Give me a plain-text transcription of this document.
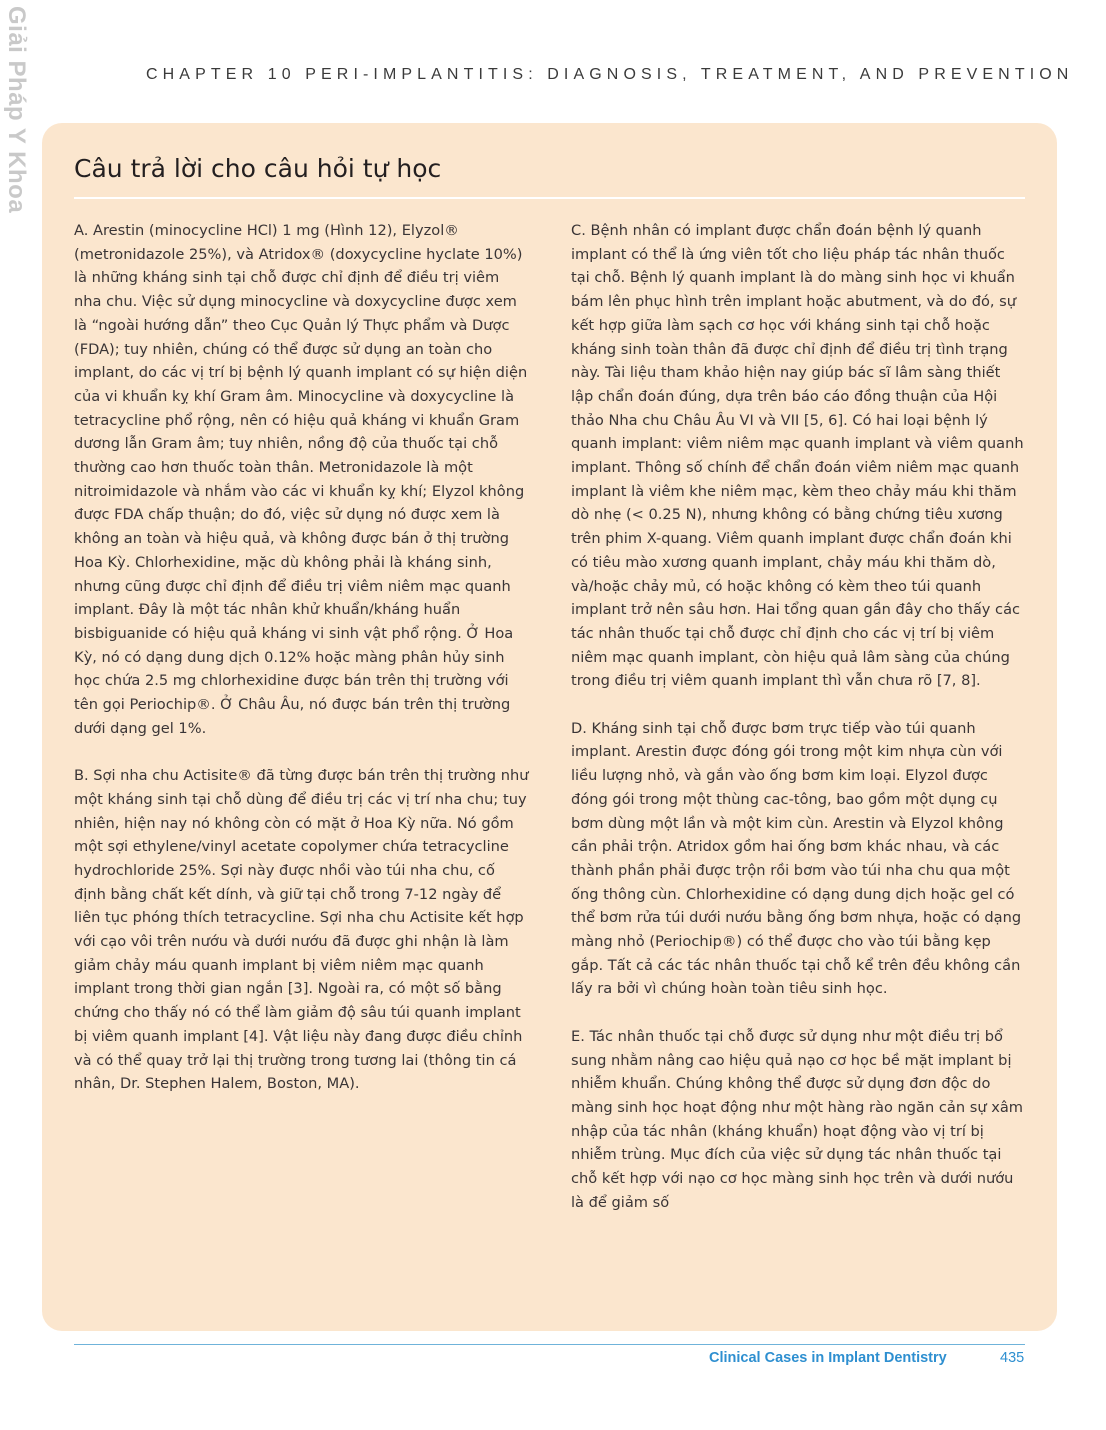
Giải Pháp Y Khoa	CHAPTER 10 PERI-IMPLANTITIS: DIAGNOSIS, TREATMENT, AND PREVENTION
Câu trả lời cho câu hỏi tự học

A. Arestin (minocycline HCl) 1 mg (Hình 12), Elyzol® (metronidazole 25%), và Atridox® (doxycycline hyclate 10%) là những kháng sinh tại chỗ được chỉ định để điều trị viêm nha chu. Việc sử dụng minocycline và doxycycline được xem là “ngoài hướng dẫn” theo Cục Quản lý Thực phẩm và Dược (FDA); tuy nhiên, chúng có thể được sử dụng an toàn cho implant, do các vị trí bị bệnh lý quanh implant có sự hiện diện của vi khuẩn kỵ khí Gram âm. Minocycline và doxycycline là tetracycline phổ rộng, nên có hiệu quả kháng vi khuẩn Gram dương lẫn Gram âm; tuy nhiên, nồng độ của thuốc tại chỗ thường cao hơn thuốc toàn thân. Metronidazole là một nitroimidazole và nhắm vào các vi khuẩn kỵ khí; Elyzol không được FDA chấp thuận; do đó, việc sử dụng nó được xem là không an toàn và hiệu quả, và không được bán ở thị trường Hoa Kỳ. Chlorhexidine, mặc dù không phải là kháng sinh, nhưng cũng được chỉ định để điều trị viêm niêm mạc quanh implant. Đây là một tác nhân khử khuẩn/kháng huẩn bisbiguanide có hiệu quả kháng vi sinh vật phổ rộng. Ở Hoa Kỳ, nó có dạng dung dịch 0.12% hoặc màng phân hủy sinh học chứa 2.5 mg chlorhexidine được bán trên thị trường với tên gọi Periochip®. Ở Châu Âu, nó được bán trên thị trường dưới dạng gel 1%.

B. Sợi nha chu Actisite® đã từng được bán trên thị trường như một kháng sinh tại chỗ dùng để điều trị các vị trí nha chu; tuy nhiên, hiện nay nó không còn có mặt ở Hoa Kỳ nữa. Nó gồm một sợi ethylene/vinyl acetate copolymer chứa tetracycline hydrochloride 25%. Sợi này được nhồi vào túi nha chu, cố định bằng chất kết dính, và giữ tại chỗ trong 7-12 ngày để liên tục phóng thích tetracycline. Sợi nha chu Actisite kết hợp với cạo vôi trên nướu và dưới nướu đã được ghi nhận là làm giảm chảy máu quanh implant bị viêm niêm mạc quanh implant trong thời gian ngắn [3]. Ngoài ra, có một số bằng chứng cho thấy nó có thể làm giảm độ sâu túi quanh implant bị viêm quanh implant [4]. Vật liệu này đang được điều chỉnh và có thể quay trở lại thị trường trong tương lai (thông tin cá nhân, Dr. Stephen Halem, Boston, MA).

C. Bệnh nhân có implant được chẩn đoán bệnh lý quanh implant có thể là ứng viên tốt cho liệu pháp tác nhân thuốc tại chỗ. Bệnh lý quanh implant là do màng sinh học vi khuẩn bám lên phục hình trên implant hoặc abutment, và do đó, sự kết hợp giữa làm sạch cơ học với kháng sinh tại chỗ hoặc kháng sinh toàn thân đã được chỉ định để điều trị tình trạng này. Tài liệu tham khảo hiện nay giúp bác sĩ lâm sàng thiết lập chẩn đoán đúng, dựa trên báo cáo đồng thuận của Hội thảo Nha chu Châu Âu VI và VII [5, 6]. Có hai loại bệnh lý quanh implant: viêm niêm mạc quanh implant và viêm quanh implant. Thông số chính để chẩn đoán viêm niêm mạc quanh implant là viêm khe niêm mạc, kèm theo chảy máu khi thăm dò nhẹ (< 0.25 N), nhưng không có bằng chứng tiêu xương trên phim X-quang. Viêm quanh implant được chẩn đoán khi có tiêu mào xương quanh implant, chảy máu khi thăm dò, và/hoặc chảy mủ, có hoặc không có kèm theo túi quanh implant trở nên sâu hơn. Hai tổng quan gần đây cho thấy các tác nhân thuốc tại chỗ được chỉ định cho các vị trí bị viêm niêm mạc quanh implant, còn hiệu quả lâm sàng của chúng trong điều trị viêm quanh implant thì vẫn chưa rõ [7, 8].

D. Kháng sinh tại chỗ được bơm trực tiếp vào túi quanh implant. Arestin được đóng gói trong một kim nhựa cùn với liều lượng nhỏ, và gắn vào ống bơm kim loại. Elyzol được đóng gói trong một thùng cac-tông, bao gồm một dụng cụ bơm dùng một lần và một kim cùn. Arestin và Elyzol không cần phải trộn. Atridox gồm hai ống bơm khác nhau, và các thành phần phải được trộn rồi bơm vào túi nha chu qua một ống thông cùn. Chlorhexidine có dạng dung dịch hoặc gel có thể bơm rửa túi dưới nướu bằng ống bơm nhựa, hoặc có dạng màng nhỏ (Periochip®) có thể được cho vào túi bằng kẹp gắp. Tất cả các tác nhân thuốc tại chỗ kể trên đều không cần lấy ra bởi vì chúng hoàn toàn tiêu sinh học.

E. Tác nhân thuốc tại chỗ được sử dụng như một điều trị bổ sung nhằm nâng cao hiệu quả nạo cơ học bề mặt implant bị nhiễm khuẩn. Chúng không thể được sử dụng đơn độc do màng sinh học hoạt động như một hàng rào ngăn cản sự xâm nhập của tác nhân (kháng khuẩn) hoạt động vào vị trí bị nhiễm trùng. Mục đích của việc sử dụng tác nhân thuốc tại chỗ kết hợp với nạo cơ học màng sinh học trên và dưới nướu là để giảm số

Clinical Cases in Implant Dentistry	435
